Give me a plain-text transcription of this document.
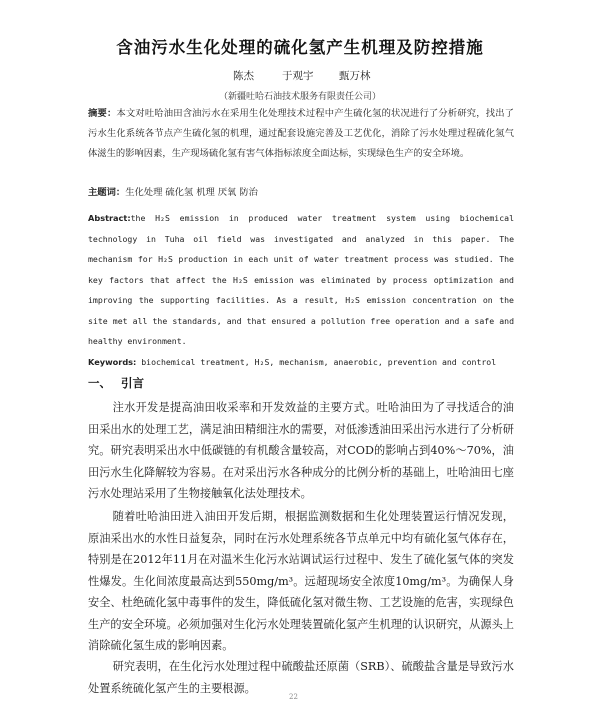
含油污水生化处理的硫化氢产生机理及防控措施
陈杰	于观宇 甄万林
（新疆吐哈石油技术服务有限责任公司）
摘要：本文对吐哈油田含油污水在采用生化处理技术过程中产生硫化氢的状况进行了分析研究，找出了污水生化系统各节点产生硫化氢的机理，通过配套设施完善及工艺优化，消除了污水处理过程硫化氢气体滋生的影响因素，生产现场硫化氢有害气体指标浓度全面达标，实现绿色生产的安全环境。
主题词：生化处理 硫化氢 机理 厌氧 防治
Abstract:the H₂S emission in produced water treatment system using biochemical technology in Tuha oil field was investigated and analyzed in this paper. The mechanism for H₂S production in each unit of water treatment process was studied. The key factors that affect the H₂S emission was eliminated by process optimization and improving the supporting facilities. As a result, H₂S emission concentration on the site met all the standards, and that ensured a pollution free operation and a safe and healthy environment.
Keywords: biochemical treatment, H₂S, mechanism, anaerobic, prevention and control
一、 引言

注水开发是提高油田收采率和开发效益的主要方式。吐哈油田为了寻找适合的油田采出水的处理工艺，满足油田精细注水的需要，对低渗透油田采出污水进行了分析研究。研究表明采出水中低碳链的有机酸含量较高，对COD的影响占到40%～70%，油田污水生化降解较为容易。在对采出污水各种成分的比例分析的基础上，吐哈油田七座污水处理站采用了生物接触氧化法处理技术。

随着吐哈油田进入油田开发后期，根据监测数据和生化处理装置运行情况发现，原油采出水的水性日益复杂，同时在污水处理系统各节点单元中均有硫化氢气体存在，特别是在2012年11月在对温米生化污水站调试运行过程中、发生了硫化氢气体的突发性爆发。生化间浓度最高达到550mg/m³。远超现场安全浓度10mg/m³。为确保人身安全、杜绝硫化氢中毒事件的发生，降低硫化氢对微生物、工艺设施的危害，实现绿色生产的安全环境。必须加强对生化污水处理装置硫化氢产生机理的认识研究，从源头上消除硫化氢生成的影响因素。

研究表明，在生化污水处理过程中硫酸盐还原菌（SRB）、硫酸盐含量是导致污水处置系统硫化氢产生的主要根源。

22
